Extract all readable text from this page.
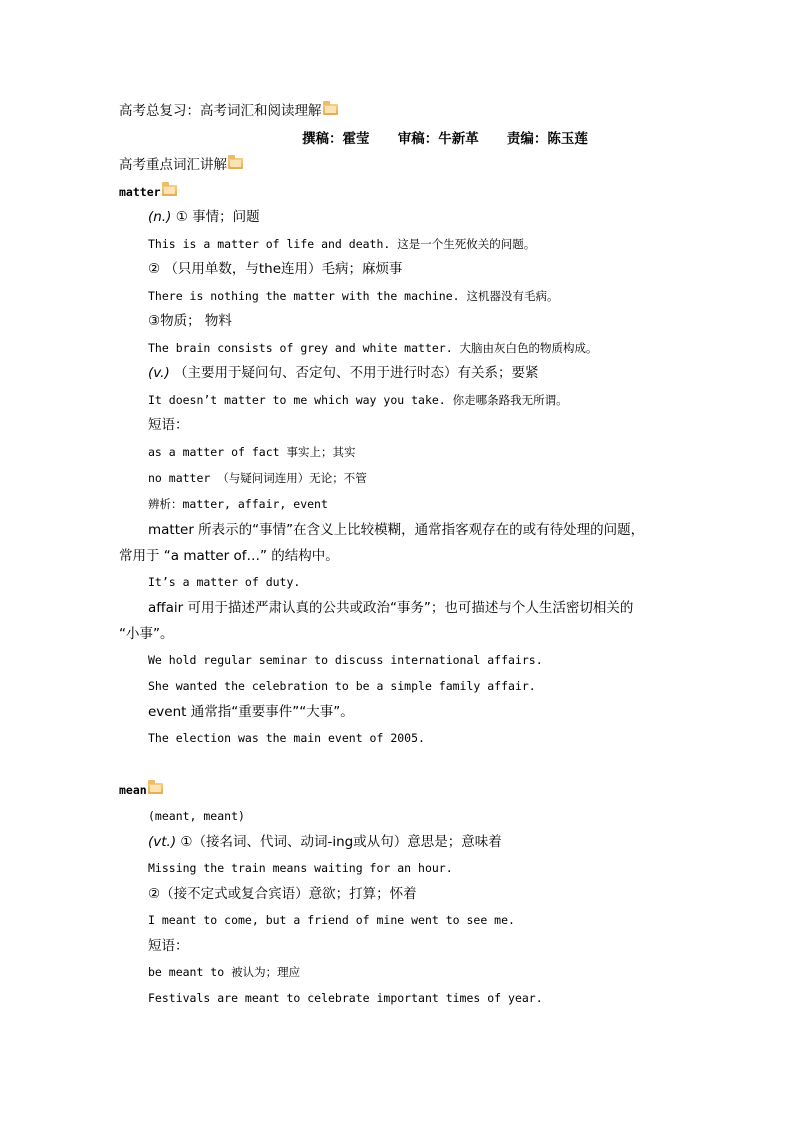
高考总复习：高考词汇和阅读理解
撰稿：霍莹      审稿：牛新革      责编：陈玉莲
高考重点词汇讲解
matter
(n.) ① 事情；问题
This is a matter of life and death. 这是一个生死攸关的问题。
② （只用单数，与the连用）毛病；麻烦事
There is nothing the matter with the machine. 这机器没有毛病。
③物质； 物料
The brain consists of grey and white matter. 大脑由灰白色的物质构成。
(v.) （主要用于疑问句、否定句、不用于进行时态）有关系；要紧
It doesn’t matter to me which way you take. 你走哪条路我无所谓。
短语：
as a matter of fact 事实上；其实
no matter （与疑问词连用）无论；不管
辨析：matter, affair, event
matter 所表示的“事情”在含义上比较模糊，通常指客观存在的或有待处理的问题，
常用于 “a matter of…” 的结构中。
It’s a matter of duty.
affair 可用于描述严肃认真的公共或政治“事务”；也可描述与个人生活密切相关的
“小事”。
We hold regular seminar to discuss international affairs.
She wanted the celebration to be a simple family affair.
event 通常指“重要事件”“大事”。
The election was the main event of 2005.
mean
(meant, meant)
(vt.) ①（接名词、代词、动词-ing或从句）意思是；意味着
Missing the train means waiting for an hour.
②（接不定式或复合宾语）意欲；打算；怀着
I meant to come, but a friend of mine went to see me.
短语：
be meant to 被认为；理应
Festivals are meant to celebrate important times of year.
